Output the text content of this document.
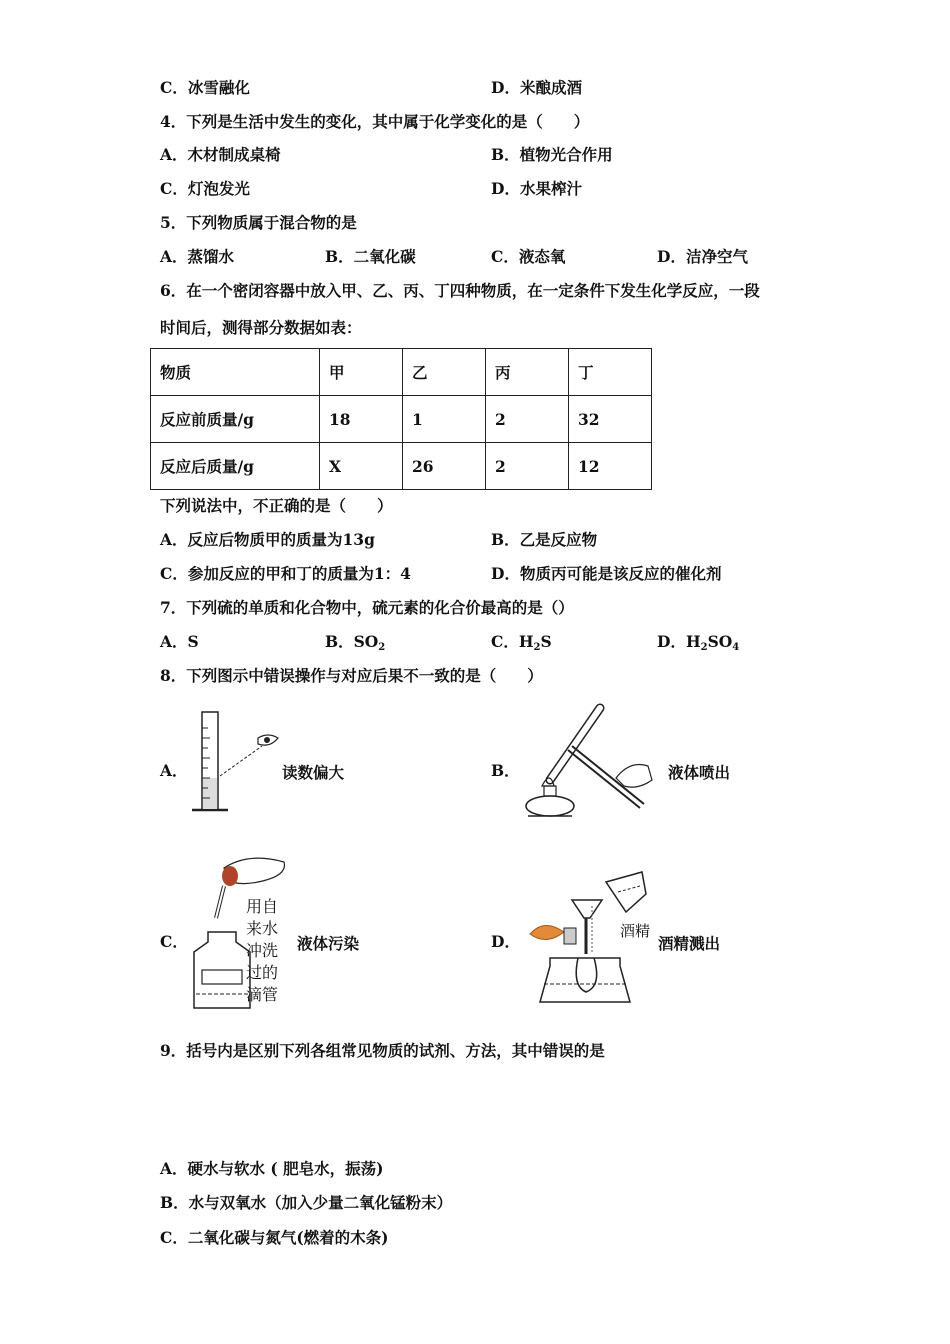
C．冰雪融化	D．米酿成酒
4．下列是生活中发生的变化，其中属于化学变化的是（　　）
A．木材制成桌椅	B．植物光合作用
C．灯泡发光	D．水果榨汁
5．下列物质属于混合物的是
A．蒸馏水	B．二氧化碳	C．液态氧	D．洁净空气
6．在一个密闭容器中放入甲、乙、丙、丁四种物质，在一定条件下发生化学反应，一段
时间后，测得部分数据如表：
物质	甲	乙	丙	丁
反应前质量/g	18	1	2	32
反应后质量/g	X	26	2	12
下列说法中，不正确的是（　　）
A．反应后物质甲的质量为13g	B．乙是反应物
C．参加反应的甲和丁的质量为1：4	D．物质丙可能是该反应的催化剂
7．下列硫的单质和化合物中，硫元素的化合价最高的是（）
A．S	B．$SO_2$	C．$H_2S$	D．$H_2SO_4$
8．下列图示中错误操作与对应后果不一致的是（　　）
A．	读数偏大	B．	液体喷出
C．
用自
来水
冲洗
过的
滴管
液体污染	D．
酒精
酒精溅出
9．括号内是区别下列各组常见物质的试剂、方法，其中错误的是
A．硬水与软水 ( 肥皂水，振荡)
B．水与双氧水（加入少量二氧化锰粉末）
C．二氧化碳与氮气(燃着的木条)
